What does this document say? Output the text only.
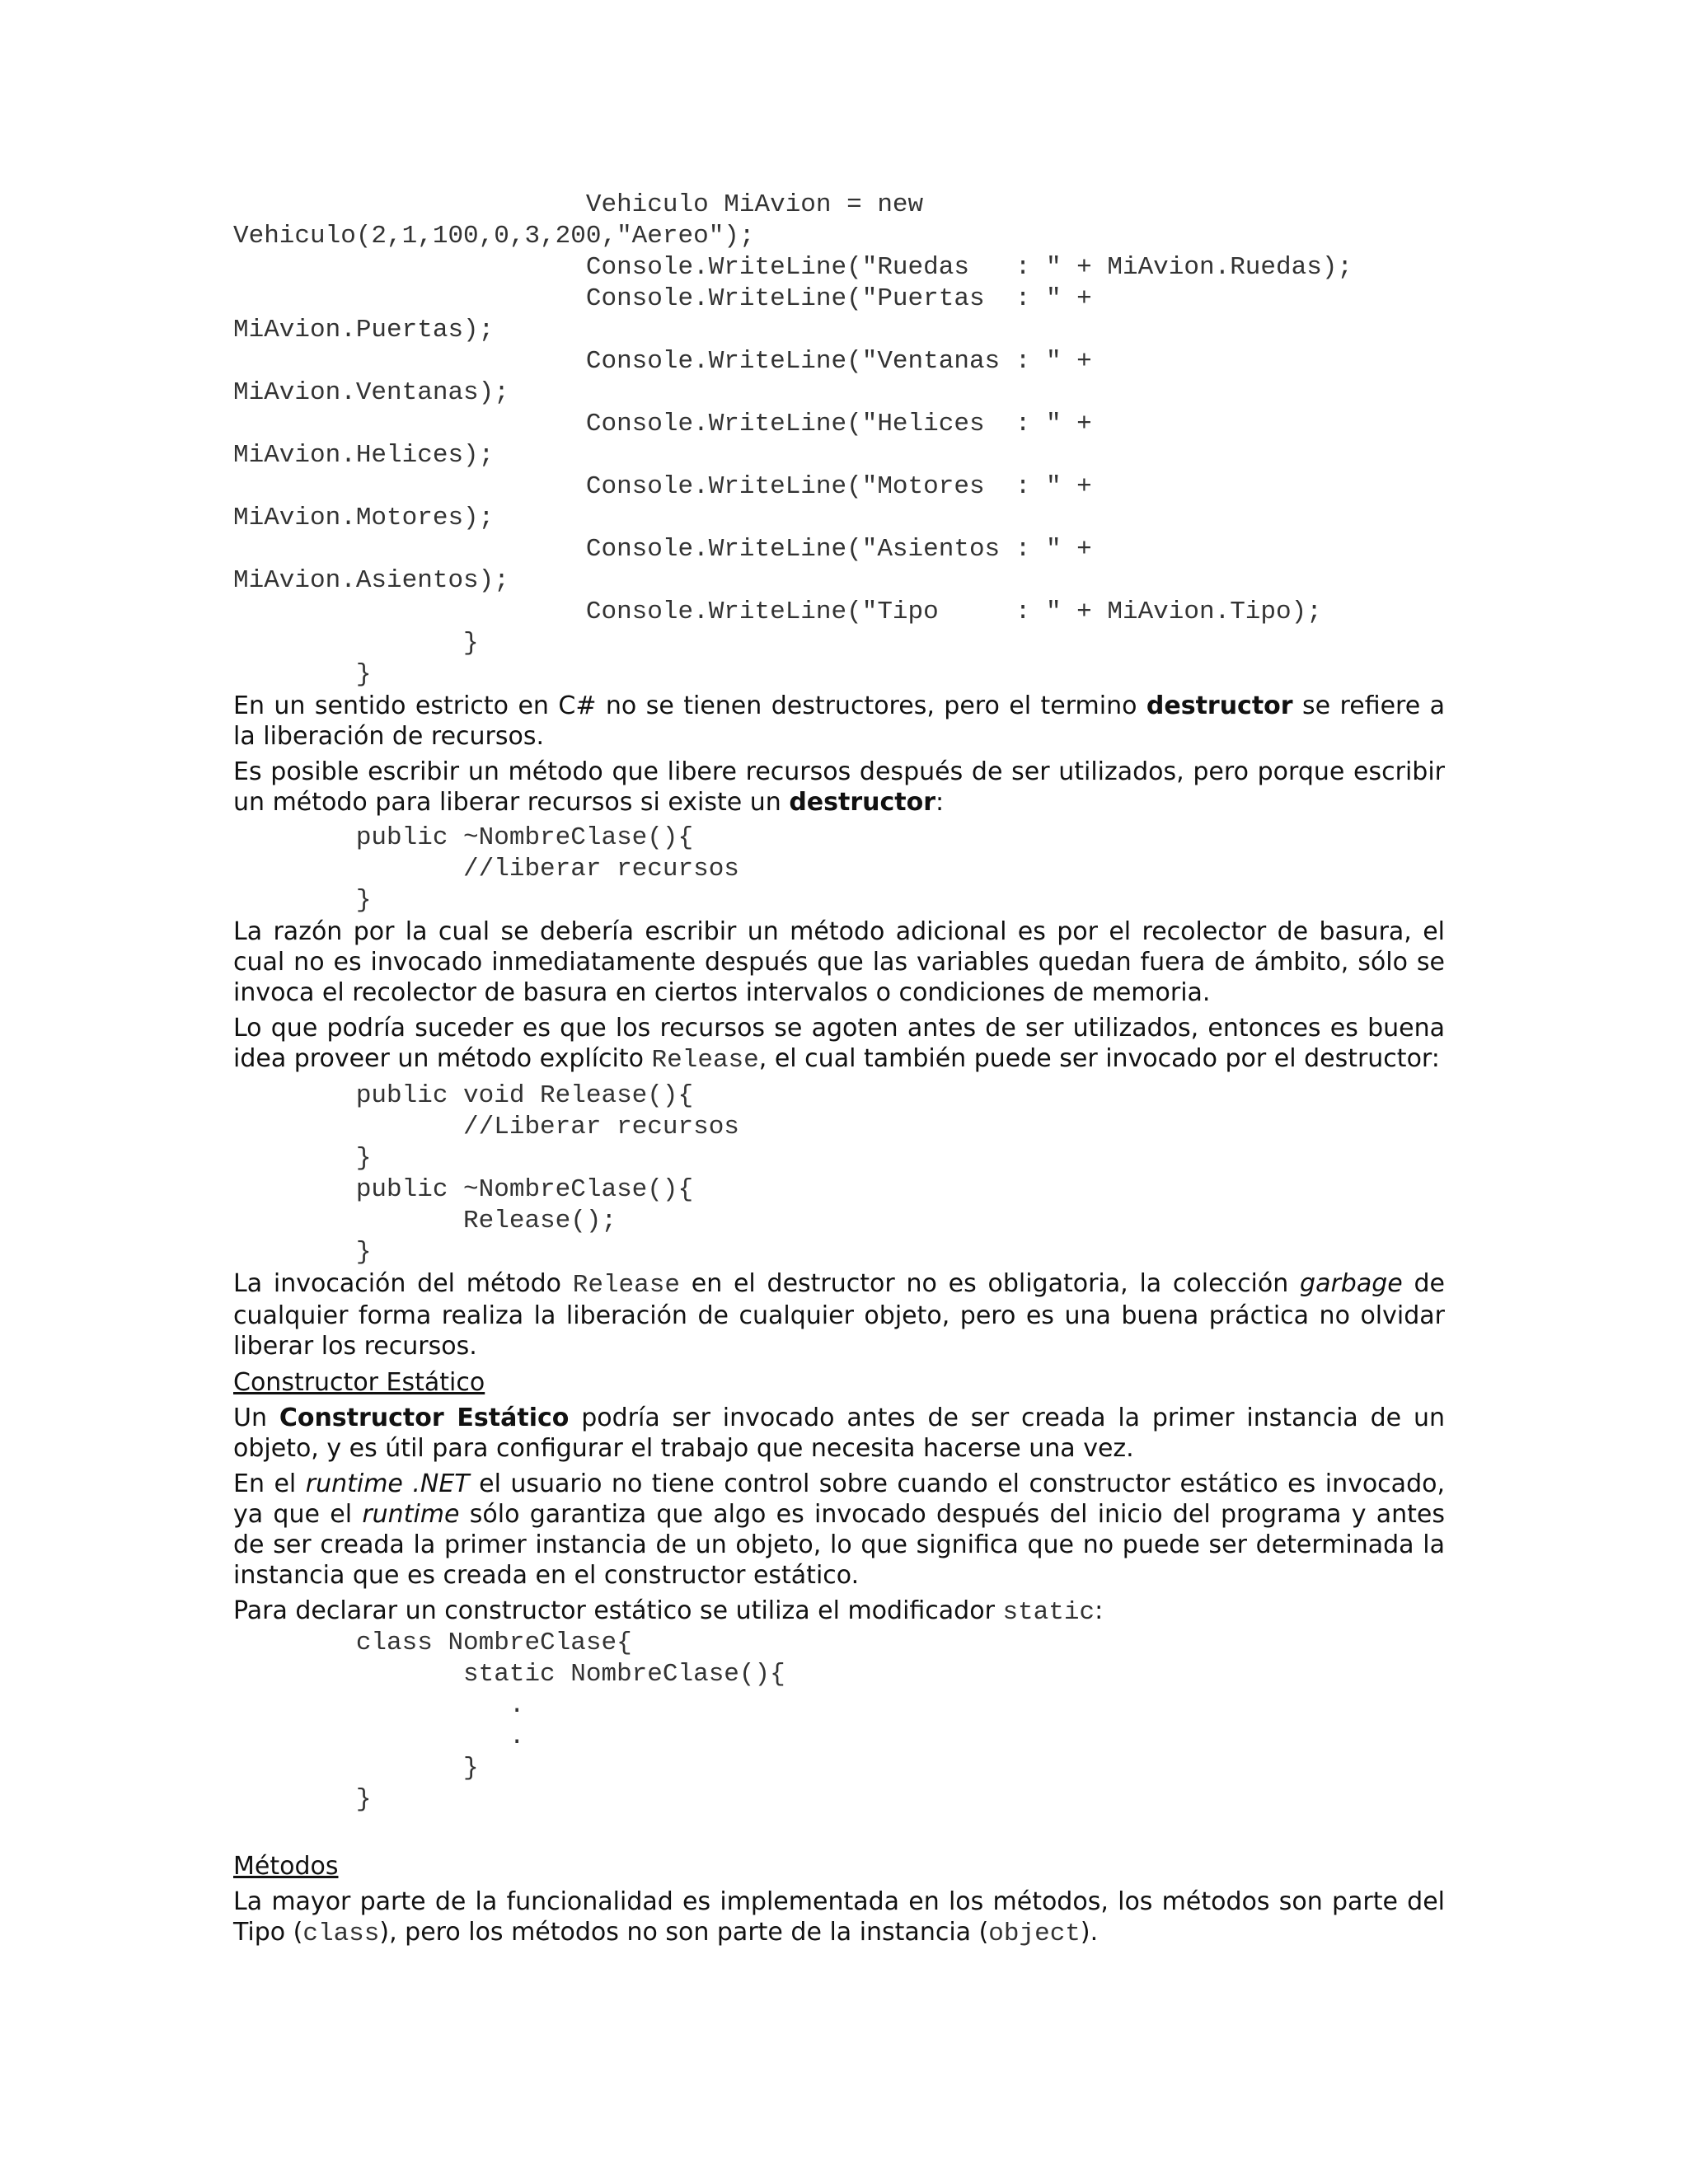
Vehiculo MiAvion = new
Vehiculo(2,1,100,0,3,200,"Aereo");
Console.WriteLine("Ruedas   : " + MiAvion.Ruedas);
Console.WriteLine("Puertas  : " +
MiAvion.Puertas);
Console.WriteLine("Ventanas : " +
MiAvion.Ventanas);
Console.WriteLine("Helices  : " +
MiAvion.Helices);
Console.WriteLine("Motores  : " +
MiAvion.Motores);
Console.WriteLine("Asientos : " +
MiAvion.Asientos);
Console.WriteLine("Tipo     : " + MiAvion.Tipo);
}
}

En un sentido estricto en C# no se tienen destructores, pero el termino destructor se refiere a la liberación de recursos.

Es posible escribir un método que libere recursos después de ser utilizados, pero porque escribir un método para liberar recursos si existe un destructor:

public ~NombreClase(){
//liberar recursos
}

La razón por la cual se debería escribir un método adicional es por el recolector de basura, el cual no es invocado inmediatamente después que las variables quedan fuera de ámbito, sólo se invoca el recolector de basura en ciertos intervalos o condiciones de memoria.

Lo que podría suceder es que los recursos se agoten antes de ser utilizados, entonces es buena idea proveer un método explícito Release, el cual también puede ser invocado por el destructor:

public void Release(){
//Liberar recursos
}
public ~NombreClase(){
Release();
}

La invocación del método Release en el destructor no es obligatoria, la colección garbage de cualquier forma realiza la liberación de cualquier objeto, pero es una buena práctica no olvidar liberar los recursos.

Constructor Estático

Un Constructor Estático podría ser invocado antes de ser creada la primer instancia de un objeto, y es útil para configurar el trabajo que necesita hacerse una vez.

En el runtime .NET el usuario no tiene control sobre cuando el constructor estático es invocado, ya que el runtime sólo garantiza que algo es invocado después del inicio del programa y antes de ser creada la primer instancia de un objeto, lo que significa que no puede ser determinada la instancia que es creada en el constructor estático.

Para declarar un constructor estático se utiliza el modificador static:

class NombreClase{
static NombreClase(){
.
.
}
}

Métodos

La mayor parte de la funcionalidad es implementada en los métodos, los métodos son parte del Tipo (class), pero los métodos no son parte de la instancia (object).
